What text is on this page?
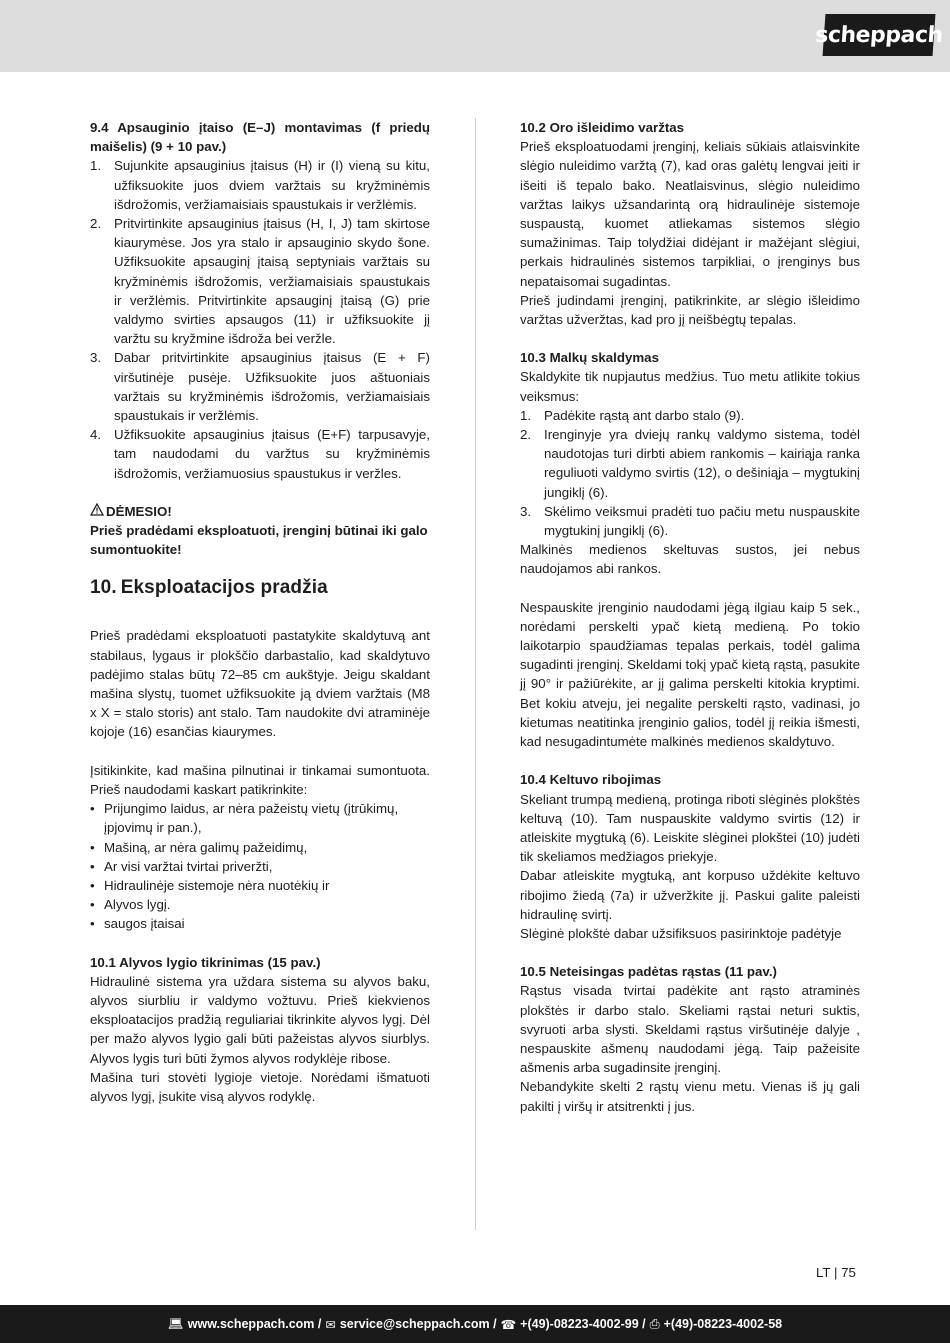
scheppach

9.4 Apsauginio įtaiso (E–J) montavimas (f priedų maišelis) (9 + 10 pav.)

1. Sujunkite apsauginius įtaisus (H) ir (I) vieną su kitu, užfiksuokite juos dviem varžtais su kryžminėmis išdrožomis, veržiamaisiais spaustukais ir veržlėmis.
2. Pritvirtinkite apsauginius įtaisus (H, I, J) tam skirtose kiaurymėse. Jos yra stalo ir apsauginio skydo šone. Užfiksuokite apsauginį įtaisą septyniais varžtais su kryžminėmis išdrožomis, veržiamaisiais spaustukais ir veržlėmis. Pritvirtinkite apsauginį įtaisą (G) prie valdymo svirties apsaugos (11) ir užfiksuokite jį varžtu su kryžmine išdroža bei veržle.
3. Dabar pritvirtinkite apsauginius įtaisus (E + F) viršutinėje pusėje. Užfiksuokite juos aštuoniais varžtais su kryžminėmis išdrožomis, veržiamaisiais spaustukais ir veržlėmis.
4. Užfiksuokite apsauginius įtaisus (E+F) tarpusavyje, tam naudodami du varžtus su kryžminėmis išdrožomis, veržiamuosius spaustukus ir veržles.
DĖMESIO!

Prieš pradėdami eksploatuoti, įrenginį būtinai iki galo sumontuokite!

10. Eksploatacijos pradžia

Prieš pradėdami eksploatuoti pastatykite skaldytuvą ant stabilaus, lygaus ir plokščio darbastalio, kad skaldytuvo padėjimo stalas būtų 72–85 cm aukštyje. Jeigu skaldant mašina slystų, tuomet užfiksuokite ją dviem varžtais (M8 x X = stalo storis) ant stalo. Tam naudokite dvi atraminėje kojoje (16) esančias kiaurymes.

Įsitikinkite, kad mašina pilnutinai ir tinkamai sumontuota. Prieš naudodami kaskart patikrinkite:

• Prijungimo laidus, ar nėra pažeistų vietų (įtrūkimų, įpjovimų ir pan.),
• Mašiną, ar nėra galimų pažeidimų,
• Ar visi varžtai tvirtai priveržti,
• Hidraulinėje sistemoje nėra nuotėkių ir
• Alyvos lygį.
• saugos įtaisai

10.1 Alyvos lygio tikrinimas (15 pav.)

Hidraulinė sistema yra uždara sistema su alyvos baku, alyvos siurbliu ir valdymo vožtuvu. Prieš kiekvienos eksploatacijos pradžią reguliariai tikrinkite alyvos lygį. Dėl per mažo alyvos lygio gali būti pažeistas alyvos siurblys. Alyvos lygis turi būti žymos alyvos rodyklėje ribose.

Mašina turi stovėti lygioje vietoje. Norėdami išmatuoti alyvos lygį, įsukite visą alyvos rodyklę.

10.2 Oro išleidimo varžtas

Prieš eksploatuodami įrenginį, keliais sūkiais atlaisvinkite slėgio nuleidimo varžtą (7), kad oras galėtų lengvai įeiti ir išeiti iš tepalo bako. Neatlaisvinus, slėgio nuleidimo varžtas laikys užsandarintą orą hidraulinėje sistemoje suspaustą, kuomet atliekamas sistemos slėgio sumažinimas. Taip tolydžiai didėjant ir mažėjant slėgiui, perkais hidraulinės sistemos tarpikliai, o įrenginys bus nepataisomai sugadintas.

Prieš judindami įrenginį, patikrinkite, ar slėgio išleidimo varžtas užveržtas, kad pro jį neišbėgtų tepalas.

10.3 Malkų skaldymas

Skaldykite tik nupjautus medžius. Tuo metu atlikite tokius veiksmus:

1. Padėkite rąstą ant darbo stalo (9).
2. Irenginyje yra dviejų rankų valdymo sistema, todėl naudotojas turi dirbti abiem rankomis – kairiąja ranka reguliuoti valdymo svirtis (12), o dešiniąja – mygtukinį jungiklį (6).
3. Skėlimo veiksmui pradėti tuo pačiu metu nuspauskite mygtukinį jungiklį (6).

Malkinės medienos skeltuvas sustos, jei nebus naudojamos abi rankos.

Nespauskite įrenginio naudodami jėgą ilgiau kaip 5 sek., norėdami perskelti ypač kietą medieną. Po tokio laikotarpio spaudžiamas tepalas perkais, todėl galima sugadinti įrenginį. Skeldami tokį ypač kietą rąstą, pasukite jį 90° ir pažiūrėkite, ar jį galima perskelti kitokia kryptimi. Bet kokiu atveju, jei negalite perskelti rąsto, vadinasi, jo kietumas neatitinka įrenginio galios, todėl jį reikia išmesti, kad nesugadintumėte malkinės medienos skaldytuvo.

10.4 Keltuvo ribojimas

Skeliant trumpą medieną, protinga riboti slėginės plokštės keltuvą (10). Tam nuspauskite valdymo svirtis (12) ir atleiskite mygtuką (6). Leiskite slėginei plokštei (10) judėti tik skeliamos medžiagos priekyje.

Dabar atleiskite mygtuką, ant korpuso uždėkite keltuvo ribojimo žiedą (7a) ir užveržkite jį. Paskui galite paleisti hidraulinę svirtį.

Slėginė plokštė dabar užsifiksuos pasirinktoje padėtyje

10.5 Neteisingas padėtas rąstas (11 pav.)

Rąstus visada tvirtai padėkite ant rąsto atraminės plokštės ir darbo stalo. Skeliami rąstai neturi suktis, svyruoti arba slysti. Skeldami rąstus viršutinėje dalyje , nespauskite ašmenų naudodami jėgą. Taip pažeisite ašmenis arba sugadinsite įrenginį.

Nebandykite skelti 2 rąstų vienu metu. Vienas iš jų gali pakilti į viršų ir atsitrenkti į jus.

LT | 75
💻︎ www.scheppach.com / ✉︎ service@scheppach.com / ☎︎ +(49)-08223-4002-99 / ⎙ +(49)-08223-4002-58
